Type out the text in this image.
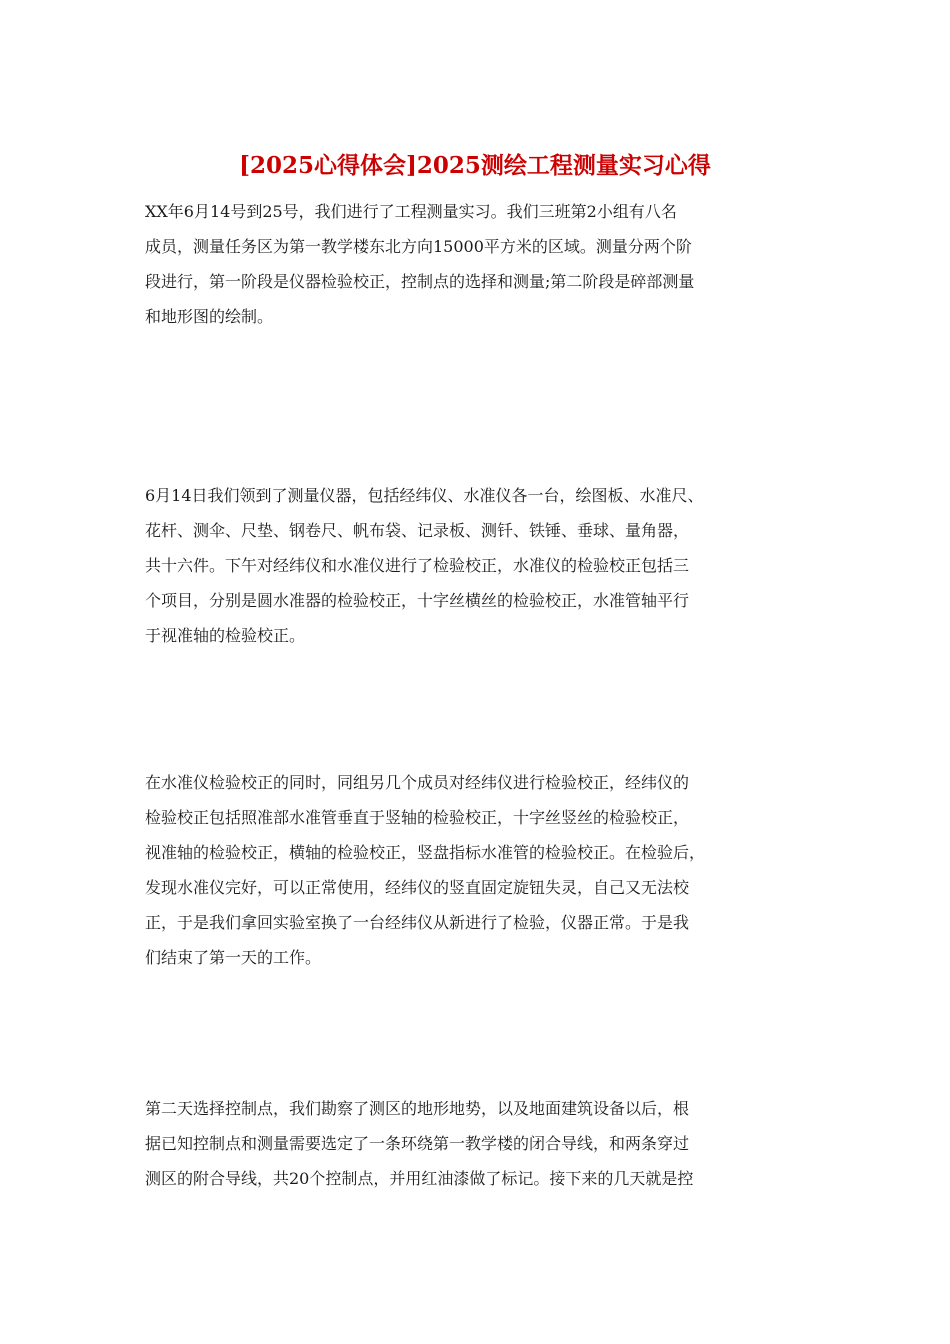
[2025心得体会]2025测绘工程测量实习心得
XX年6月14号到25号，我们进行了工程测量实习。我们三班第2小组有八名
成员，测量任务区为第一教学楼东北方向15000平方米的区域。测量分两个阶
段进行，第一阶段是仪器检验校正，控制点的选择和测量;第二阶段是碎部测量
和地形图的绘制。
6月14日我们领到了测量仪器，包括经纬仪、水准仪各一台，绘图板、水准尺、
花杆、测伞、尺垫、钢卷尺、帆布袋、记录板、测钎、铁锤、垂球、量角器，
共十六件。下午对经纬仪和水准仪进行了检验校正，水准仪的检验校正包括三
个项目，分别是圆水准器的检验校正，十字丝横丝的检验校正，水准管轴平行
于视准轴的检验校正。
在水准仪检验校正的同时，同组另几个成员对经纬仪进行检验校正，经纬仪的
检验校正包括照准部水准管垂直于竖轴的检验校正，十字丝竖丝的检验校正，
视准轴的检验校正，横轴的检验校正，竖盘指标水准管的检验校正。在检验后，
发现水准仪完好，可以正常使用，经纬仪的竖直固定旋钮失灵，自己又无法校
正，于是我们拿回实验室换了一台经纬仪从新进行了检验，仪器正常。于是我
们结束了第一天的工作。
第二天选择控制点，我们勘察了测区的地形地势，以及地面建筑设备以后，根
据已知控制点和测量需要选定了一条环绕第一教学楼的闭合导线，和两条穿过
测区的附合导线，共20个控制点，并用红油漆做了标记。接下来的几天就是控
